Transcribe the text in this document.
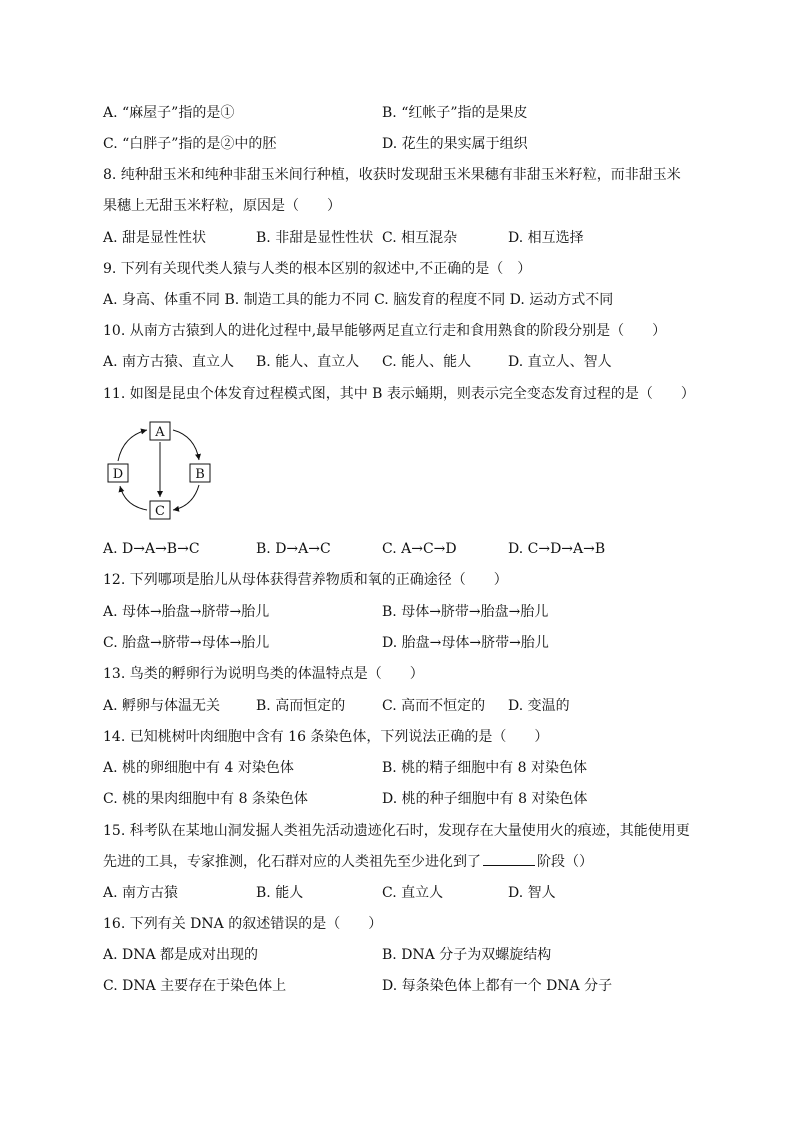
A. “麻屋子”指的是①	B. “红帐子”指的是果皮
C. “白胖子”指的是②中的胚	D. 花生的果实属于组织
8. 纯种甜玉米和纯种非甜玉米间行种植，收获时发现甜玉米果穗有非甜玉米籽粒，而非甜玉米
果穗上无甜玉米籽粒，原因是（　　）
A. 甜是显性性状	B. 非甜是显性性状 C. 相互混杂	D. 相互选择
9. 下列有关现代类人猿与人类的根本区别的叙述中,不正确的是（　）
A. 身高、体重不同 B. 制造工具的能力不同 C. 脑发育的程度不同 D. 运动方式不同
10. 从南方古猿到人的进化过程中,最早能够两足直立行走和食用熟食的阶段分别是（　　）
A. 南方古猿、直立人 B. 能人、直立人 C. 能人、能人	D. 直立人、智人
11. 如图是昆虫个体发育过程模式图，其中 B 表示蛹期，则表示完全变态发育过程的是（　　）
A
B
C
D
A. D→A→B→C	B. D→A→C	C. A→C→D	D. C→D→A→B
12. 下列哪项是胎儿从母体获得营养物质和氧的正确途径（　　）
A. 母体→胎盘→脐带→胎儿	B. 母体→脐带→胎盘→胎儿
C. 胎盘→脐带→母体→胎儿	D. 胎盘→母体→脐带→胎儿
13. 鸟类的孵卵行为说明鸟类的体温特点是（　　）
A. 孵卵与体温无关	B. 高而恒定的	C. 高而不恒定的 D. 变温的
14. 已知桃树叶肉细胞中含有 16 条染色体，下列说法正确的是（　　）
A. 桃的卵细胞中有 4 对染色体	B. 桃的精子细胞中有 8 对染色体
C. 桃的果肉细胞中有 8 条染色体	D. 桃的种子细胞中有 8 对染色体
15. 科考队在某地山洞发掘人类祖先活动遗迹化石时，发现存在大量使用火的痕迹，其能使用更
先进的工具，专家推测，化石群对应的人类祖先至少进化到了	阶段（）
A. 南方古猿	B. 能人	C. 直立人	D. 智人
16. 下列有关 DNA 的叙述错误的是（　　）
A. DNA 都是成对出现的	B. DNA 分子为双螺旋结构
C. DNA 主要存在于染色体上	D. 每条染色体上都有一个 DNA 分子
